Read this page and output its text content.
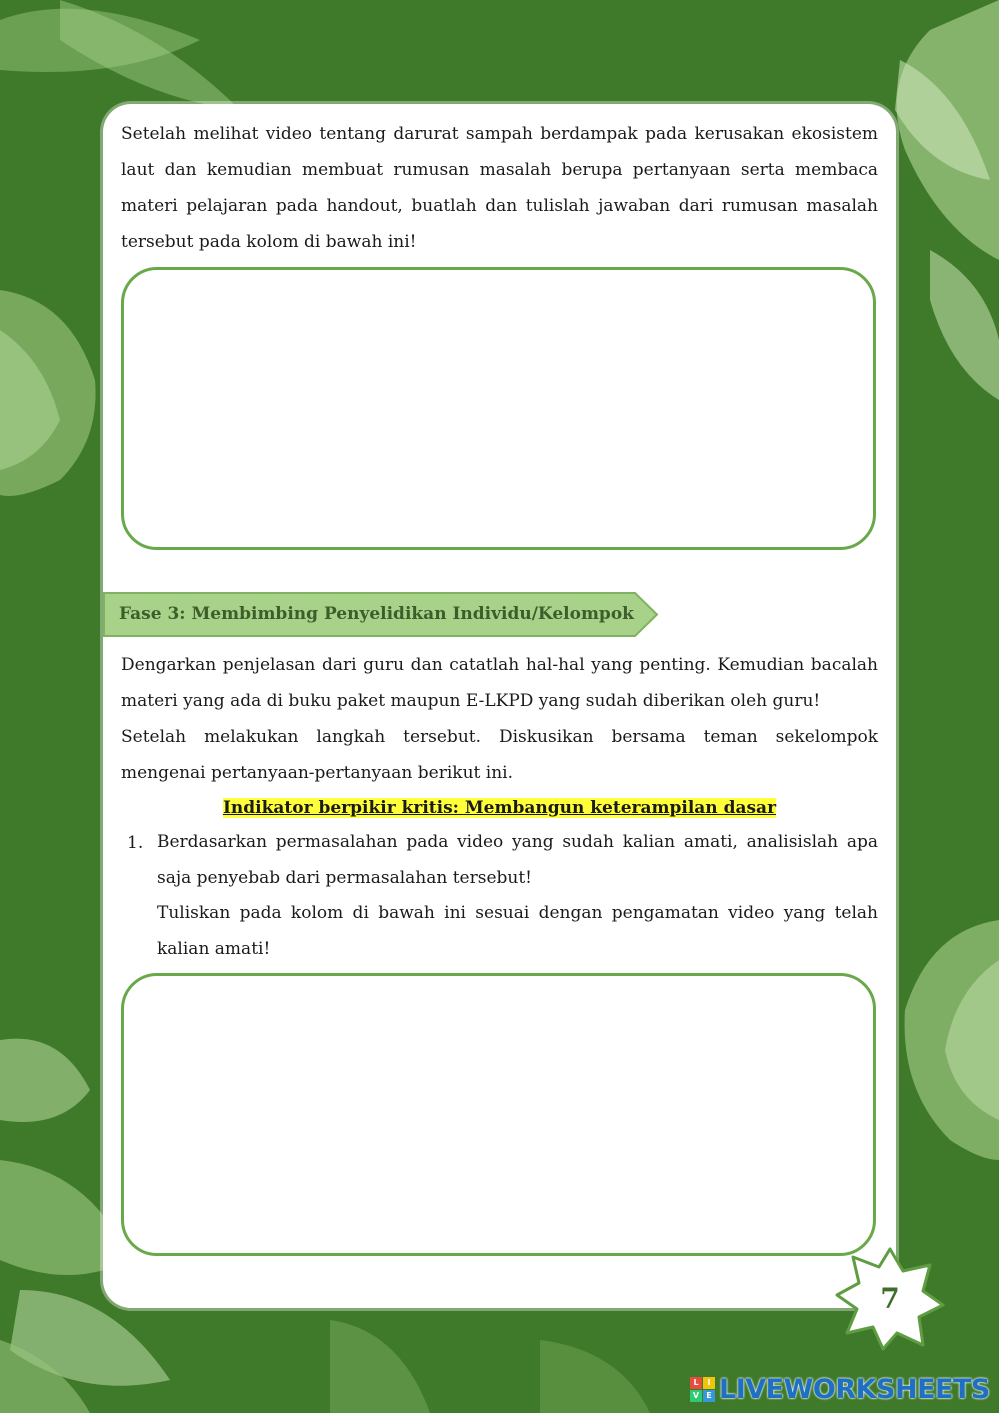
Setelah melihat video tentang darurat sampah berdampak pada kerusakan ekosistem laut dan kemudian membuat rumusan masalah berupa pertanyaan serta membaca materi pelajaran pada handout, buatlah dan tulislah jawaban dari rumusan masalah tersebut pada kolom di bawah ini!

Fase 3: Membimbing Penyelidikan Individu/Kelompok

Dengarkan penjelasan dari guru dan catatlah hal-hal yang penting. Kemudian bacalah materi yang ada di buku paket maupun E-LKPD yang sudah diberikan oleh guru!

Setelah melakukan langkah tersebut. Diskusikan bersama teman sekelompok mengenai pertanyaan-pertanyaan berikut ini.

Indikator berpikir kritis: Membangun keterampilan dasar
1. Berdasarkan permasalahan pada video yang sudah kalian amati, analisislah apa saja penyebab dari permasalahan tersebut!

Tuliskan pada kolom di bawah ini sesuai dengan pengamatan video yang telah kalian amati!

7
L	I
V E LIVEWORKSHEETS
